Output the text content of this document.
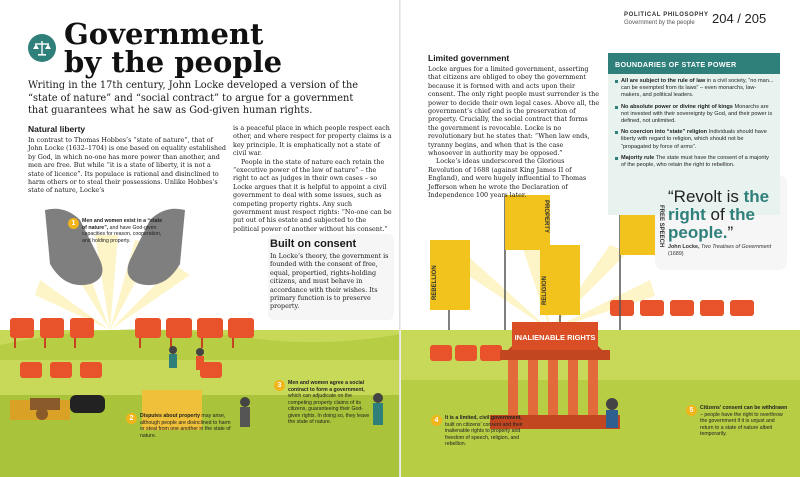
POLITICAL PHILOSOPHY
Government by the people 204 / 205
Government
by the people

Writing in the 17th century, John Locke developed a version of the “state of nature” and “social contract” to argue for a government that guarantees what he saw as God-given human rights.

Natural liberty

In contrast to Thomas Hobbes’s “state of nature”, that of John Locke (1632–1704) is one based on equality established by God, in which no-one has more power than another, and men are free. But while “it is a state of liberty, it is not a state of licence”. Its populace is rational and disinclined to harm others or to steal their possessions. Unlike Hobbes’s state of nature, Locke’s

is a peaceful place in which people respect each other, and where respect for property claims is a key principle. It is emphatically not a state of civil war.

People in the state of nature each retain the “executive power of the law of nature” – the right to act as judges in their own cases – so Locke argues that it is helpful to appoint a civil government to deal with some issues, such as competing property rights. Any such government must respect rights: “No-one can be put out of his estate and subjected to the political power of another without his consent.”

Built on consent

In Locke’s theory, the government is founded with the consent of free, equal, propertied, rights-holding citizens, and must behave in accordance with their wishes. Its primary function is to preserve property.

1	Men and women exist in a “state of nature”, and have God-given capacities for reason, cooperation, and holding property.
2	Disputes about property may arise, although people are disinclined to harm or steal from one another in the state of nature.
3	Men and women agree a social contract to form a government, which can adjudicate on the competing property claims of its citizens, guaranteeing their God-given rights. In doing so, they leave the state of nature.

Limited government

Locke argues for a limited government, asserting that citizens are obliged to obey the government because it is formed with and acts upon their consent. The only right people must surrender is the power to decide their own legal cases. Above all, the government’s chief end is the preservation of property. Crucially, the social contract that forms the government is revocable. Locke is no revolutionary but he states that: “When law ends, tyranny begins, and when that is the case whosoever in authority may be opposed.”

Locke’s ideas underscored the Glorious Revolution of 1688 (against King James II of England), and were hugely influential to Thomas Jefferson when he wrote the Declaration of Independence 100 years later.

BOUNDARIES OF STATE POWER
All are subject to the rule of law in a civil society, “no man... can be exempted from its laws” – even monarchs, law-makers, and political leaders.
No absolute power or divine right of kings Monarchs are not invested with their sovereignty by God, and their power is defined, not unlimited.
No coercion into “state” religion Individuals should have liberty with regard to religion, which should not be “propagated by force of arms”.
Majority rule The state must have the consent of a majority of the people, who retain the right to rebellion.

“Revolt is the right of the people.”

John Locke, Two Treatises of Government (1689)

REBELLION
PROPERTY
RELIGION
FREE SPEECH
INALIENABLE RIGHTS
4	It is a limited, civil government, built on citizens’ consent and their inalienable rights to property and freedom of speech, religion, and rebellion.
5	Citizens’ consent can be withdrawn – people have the right to overthrow the government if it is unjust and return to a state of nature albeit temporarily.
